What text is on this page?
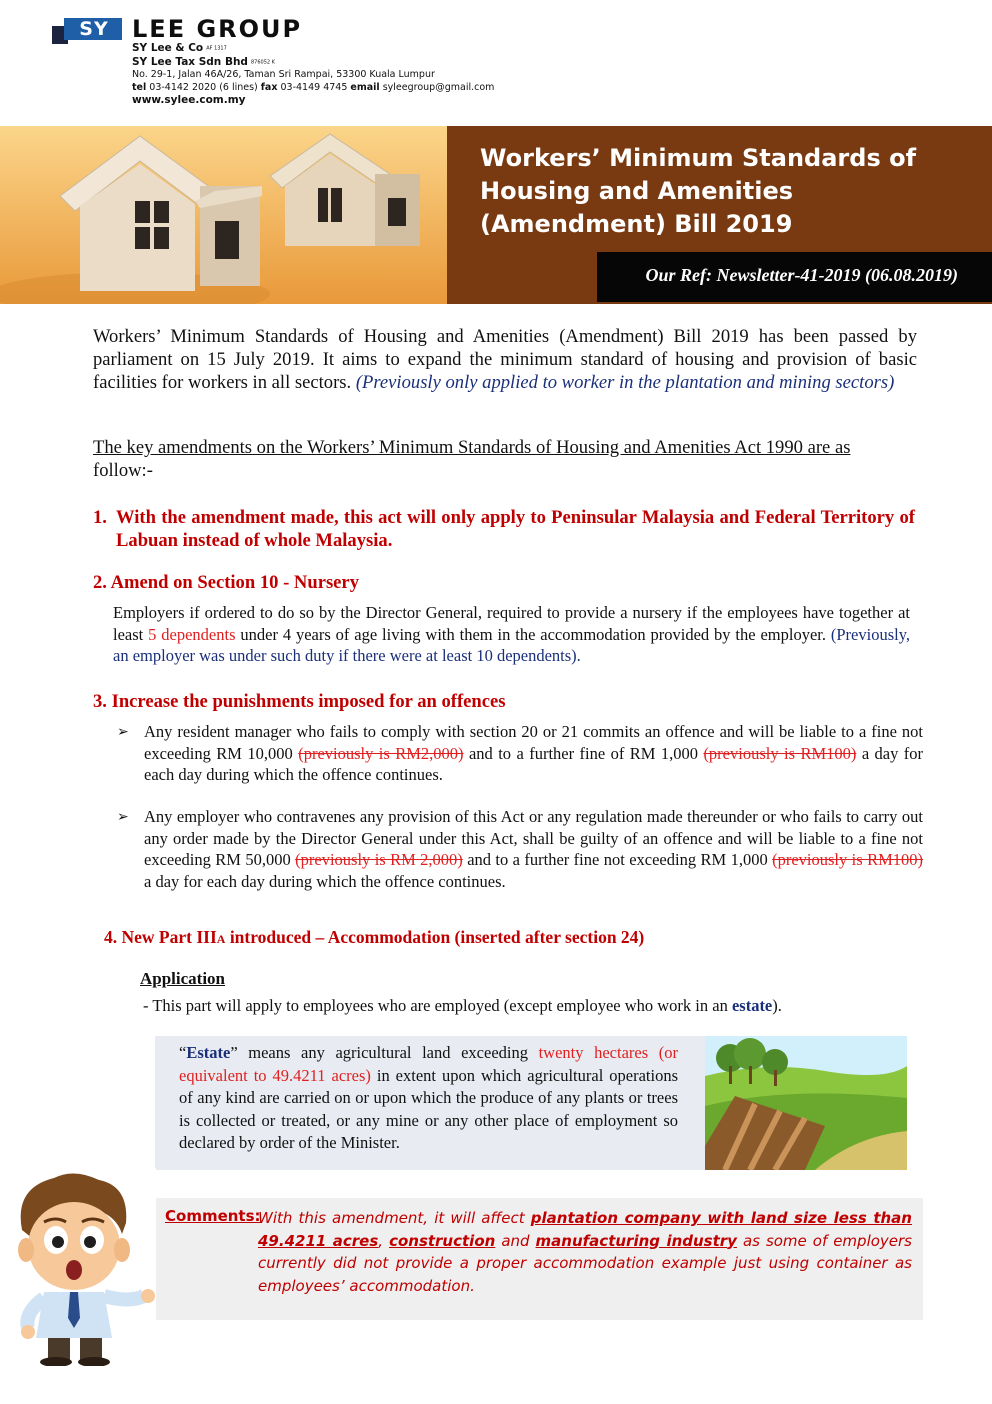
SY LEE GROUP
SY Lee & Co AF 1317
SY Lee Tax Sdn Bhd 876052 K
No. 29-1, Jalan 46A/26, Taman Sri Rampai, 53300 Kuala Lumpur
tel 03-4142 2020 (6 lines) fax 03-4149 4745 email syleegroup@gmail.com
www.sylee.com.my
Workers’ Minimum Standards of
Housing and Amenities
(Amendment) Bill 2019
Our Ref: Newsletter-41-2019 (06.08.2019)
Workers’ Minimum Standards of Housing and Amenities (Amendment) Bill 2019 has been passed by parliament on 15 July 2019. It aims to expand the minimum standard of housing and provision of basic facilities for workers in all sectors. (Previously only applied to worker in the plantation and mining sectors)
The key amendments on the Workers’ Minimum Standards of Housing and Amenities Act 1990 are as
follow:-
1. With the amendment made, this act will only apply to Peninsular Malaysia and Federal Territory of Labuan instead of whole Malaysia.
2. Amend on Section 10 - Nursery
Employers if ordered to do so by the Director General, required to provide a nursery if the employees have together at least 5 dependents under 4 years of age living with them in the accommodation provided by the employer. (Previously, an employer was under such duty if there were at least 10 dependents).
3. Increase the punishments imposed for an offences
➢ Any resident manager who fails to comply with section 20 or 21 commits an offence and will be liable to a fine not exceeding RM 10,000 (previously is RM2,000) and to a further fine of RM 1,000 (previously is RM100) a day for each day during which the offence continues.
➢ Any employer who contravenes any provision of this Act or any regulation made thereunder or who fails to carry out any order made by the Director General under this Act, shall be guilty of an offence and will be liable to a fine not exceeding RM 50,000 (previously is RM 2,000) and to a further fine not exceeding RM 1,000 (previously is RM100) a day for each day during which the offence continues.
4. New Part IIIA introduced – Accommodation (inserted after section 24)
Application
- This part will apply to employees who are employed (except employee who work in an estate).
“Estate” means any agricultural land exceeding twenty hectares (or equivalent to 49.4211 acres) in extent upon which agricultural operations of any kind are carried on or upon which the produce of any plants or trees is collected or treated, or any mine or any other place of employment so declared by order of the Minister.
Comments:
With this amendment, it will affect plantation company with land size less than 49.4211 acres, construction and manufacturing industry as some of employers currently did not provide a proper accommodation example just using container as employees’ accommodation.
